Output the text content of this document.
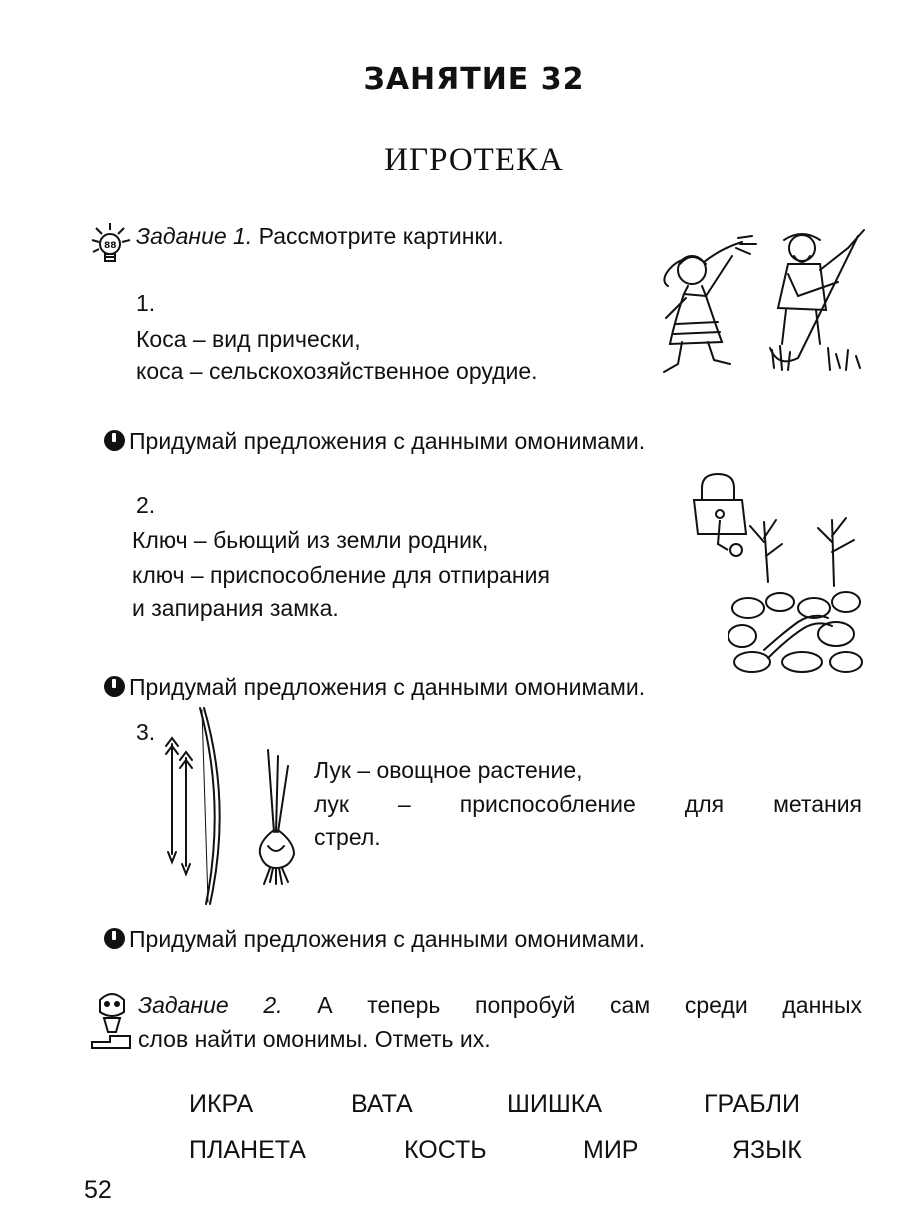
ЗАНЯТИЕ 32
ИГРОТЕКА
88 Задание 1. Рассмотрите картинки.
1.
Коса – вид прически,
коса – сельскохозяйственное орудие.
Придумай предложения с данными омонимами.
2.
Ключ – бьющий из земли родник,
ключ – приспособление для отпирания
и запирания замка.
Придумай предложения с данными омонимами.
3.
Лук – овощное растение,
лук – приспособление для метания
стрел.
Придумай предложения с данными омонимами.
Задание 2. А теперь попробуй сам среди данных
слов найти омонимы. Отметь их.
ИКРА	ВАТА	ШИШКА	ГРАБЛИ
ПЛАНЕТА	КОСТЬ	МИР	ЯЗЫК
52
